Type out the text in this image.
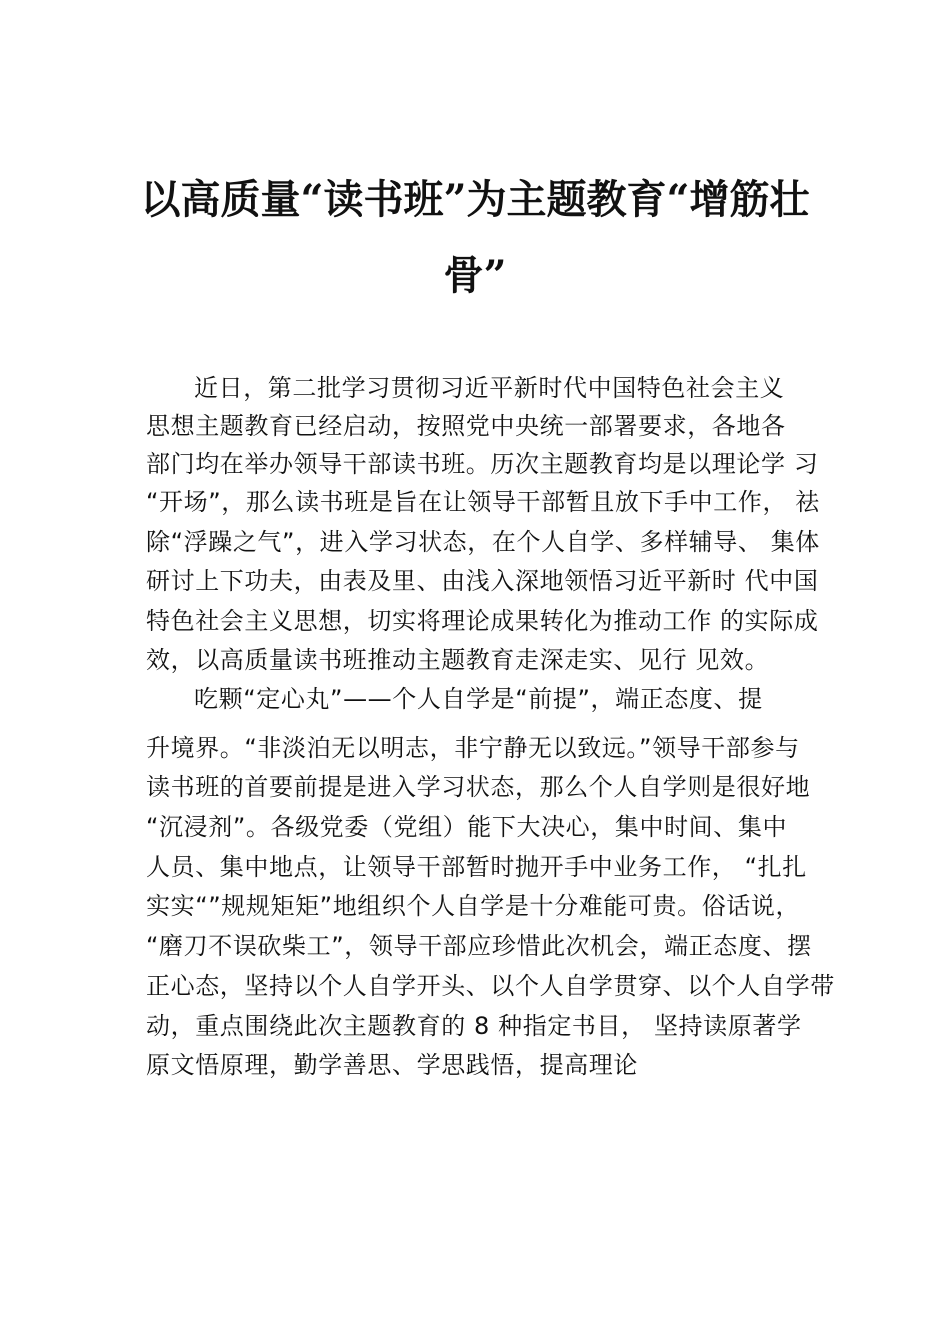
以高质量“读书班”为主题教育“增筋壮
骨”
近日，第二批学习贯彻习近平新时代中国特色社会主义
思想主题教育已经启动，按照党中央统一部署要求，各地各
部门均在举办领导干部读书班。历次主题教育均是以理论学 习
“开场”，那么读书班是旨在让领导干部暂且放下手中工作， 祛
除“浮躁之气”，进入学习状态，在个人自学、多样辅导、 集体
研讨上下功夫，由表及里、由浅入深地领悟习近平新时 代中国
特色社会主义思想，切实将理论成果转化为推动工作 的实际成
效，以高质量读书班推动主题教育走深走实、见行 见效。
吃颗“定心丸”——个人自学是“前提”，端正态度、提
升境界。“非淡泊无以明志，非宁静无以致远。”领导干部参与
读书班的首要前提是进入学习状态，那么个人自学则是很好地
“沉浸剂”。各级党委（党组）能下大决心，集中时间、集中
人员、集中地点，让领导干部暂时抛开手中业务工作， “扎扎
实实“”规规矩矩”地组织个人自学是十分难能可贵。俗话说，
“磨刀不误砍柴工”，领导干部应珍惜此次机会，端正态度、摆
正心态，坚持以个人自学开头、以个人自学贯穿、以个人自学带
动，重点围绕此次主题教育的 8 种指定书目， 坚持读原著学
原文悟原理，勤学善思、学思践悟，提高理论
